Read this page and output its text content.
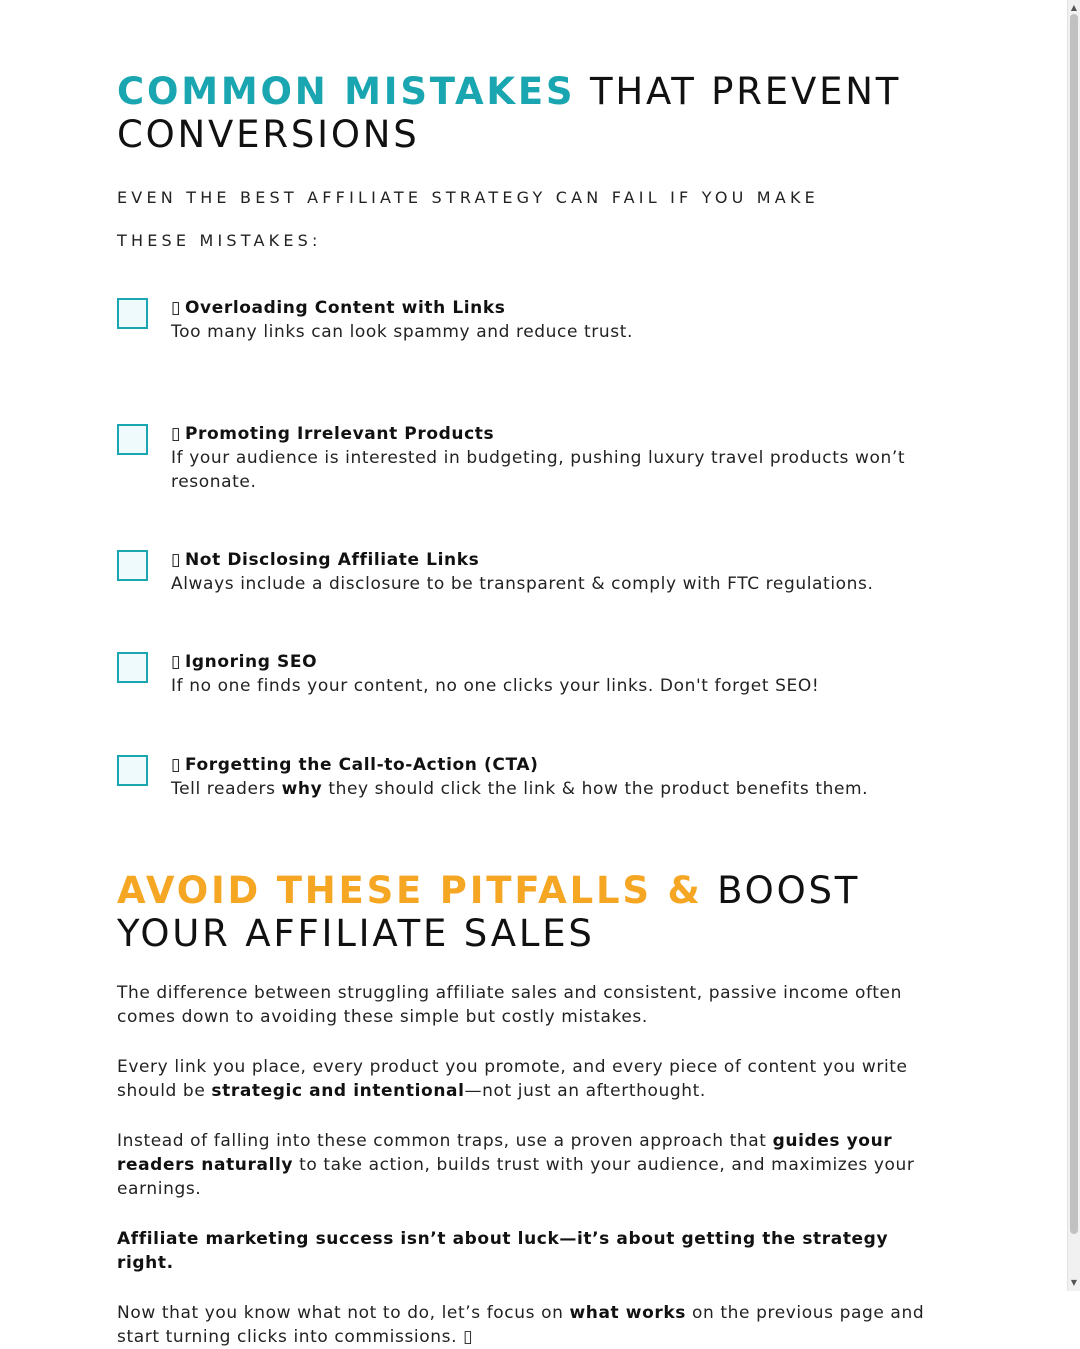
COMMON MISTAKES THAT PREVENT CONVERSIONS
EVEN THE BEST AFFILIATE STRATEGY CAN FAIL IF YOU MAKE THESE MISTAKES:
▯ Overloading Content with Links
Too many links can look spammy and reduce trust.
▯ Promoting Irrelevant Products
If your audience is interested in budgeting, pushing luxury travel products won’t resonate.
▯ Not Disclosing Affiliate Links
Always include a disclosure to be transparent & comply with FTC regulations.
▯ Ignoring SEO
If no one finds your content, no one clicks your links. Don't forget SEO!
▯ Forgetting the Call-to-Action (CTA)
Tell readers why they should click the link & how the product benefits them.
AVOID THESE PITFALLS & BOOST YOUR AFFILIATE SALES

The difference between struggling affiliate sales and consistent, passive income often comes down to avoiding these simple but costly mistakes.

Every link you place, every product you promote, and every piece of content you write should be strategic and intentional—not just an afterthought.

Instead of falling into these common traps, use a proven approach that guides your readers naturally to take action, builds trust with your audience, and maximizes your earnings.

Affiliate marketing success isn’t about luck—it’s about getting the strategy right.

Now that you know what not to do, let’s focus on what works on the previous page and start turning clicks into commissions. ▯

▲
▼
